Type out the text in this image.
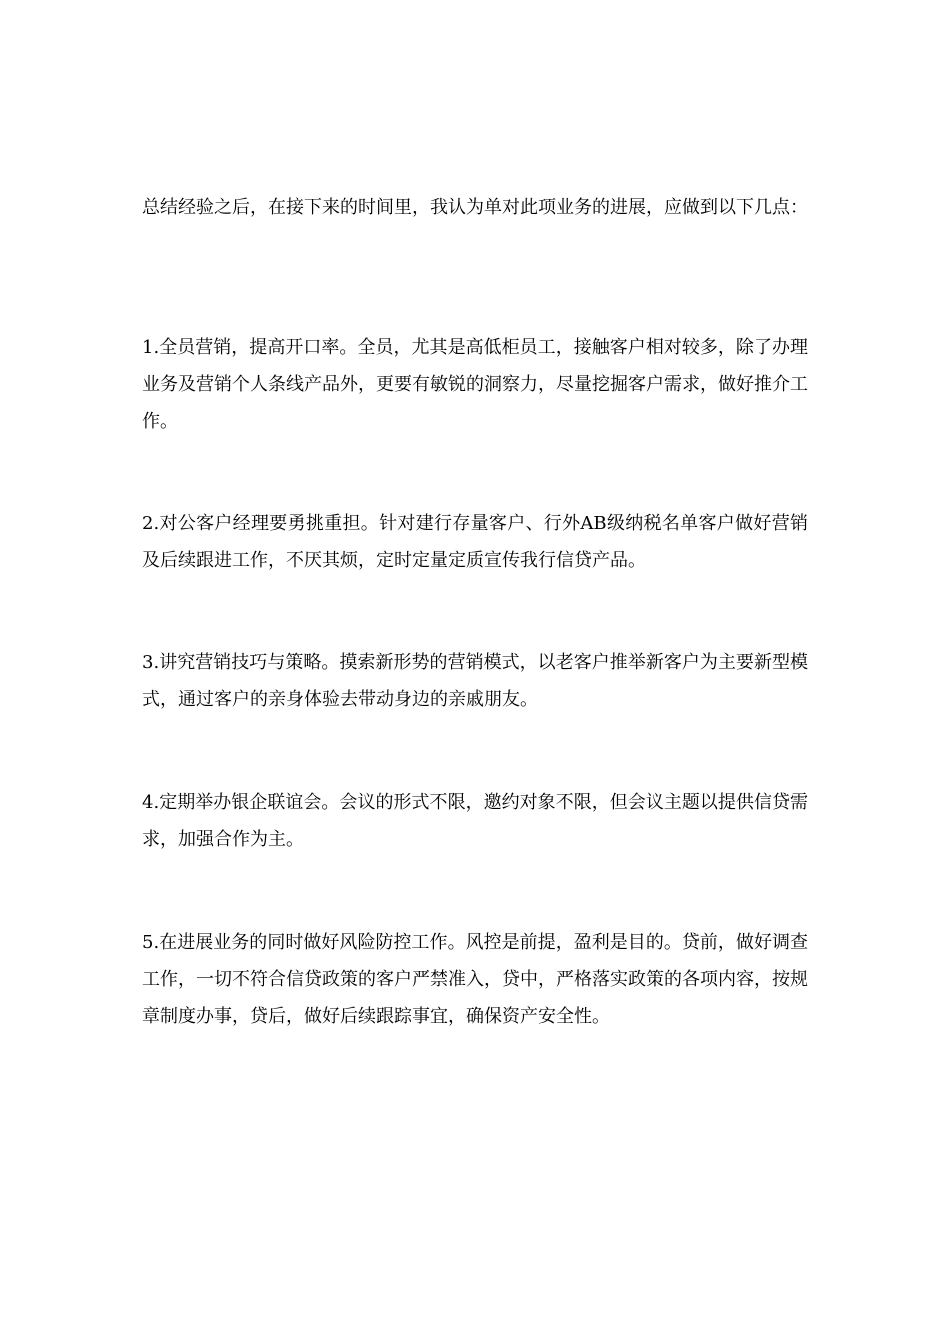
总结经验之后，在接下来的时间里，我认为单对此项业务的进展，应做到以下几点：

1.全员营销，提高开口率。全员，尤其是高低柜员工，接触客户相对较多，除了办理业务及营销个人条线产品外，更要有敏锐的洞察力，尽量挖掘客户需求，做好推介工作。

2.对公客户经理要勇挑重担。针对建行存量客户、行外AB级纳税名单客户做好营销及后续跟进工作，不厌其烦，定时定量定质宣传我行信贷产品。

3.讲究营销技巧与策略。摸索新形势的营销模式，以老客户推举新客户为主要新型模式，通过客户的亲身体验去带动身边的亲戚朋友。

4.定期举办银企联谊会。会议的形式不限，邀约对象不限，但会议主题以提供信贷需求，加强合作为主。

5.在进展业务的同时做好风险防控工作。风控是前提，盈利是目的。贷前，做好调查工作，一切不符合信贷政策的客户严禁准入，贷中，严格落实政策的各项内容，按规章制度办事，贷后，做好后续跟踪事宜，确保资产安全性。
